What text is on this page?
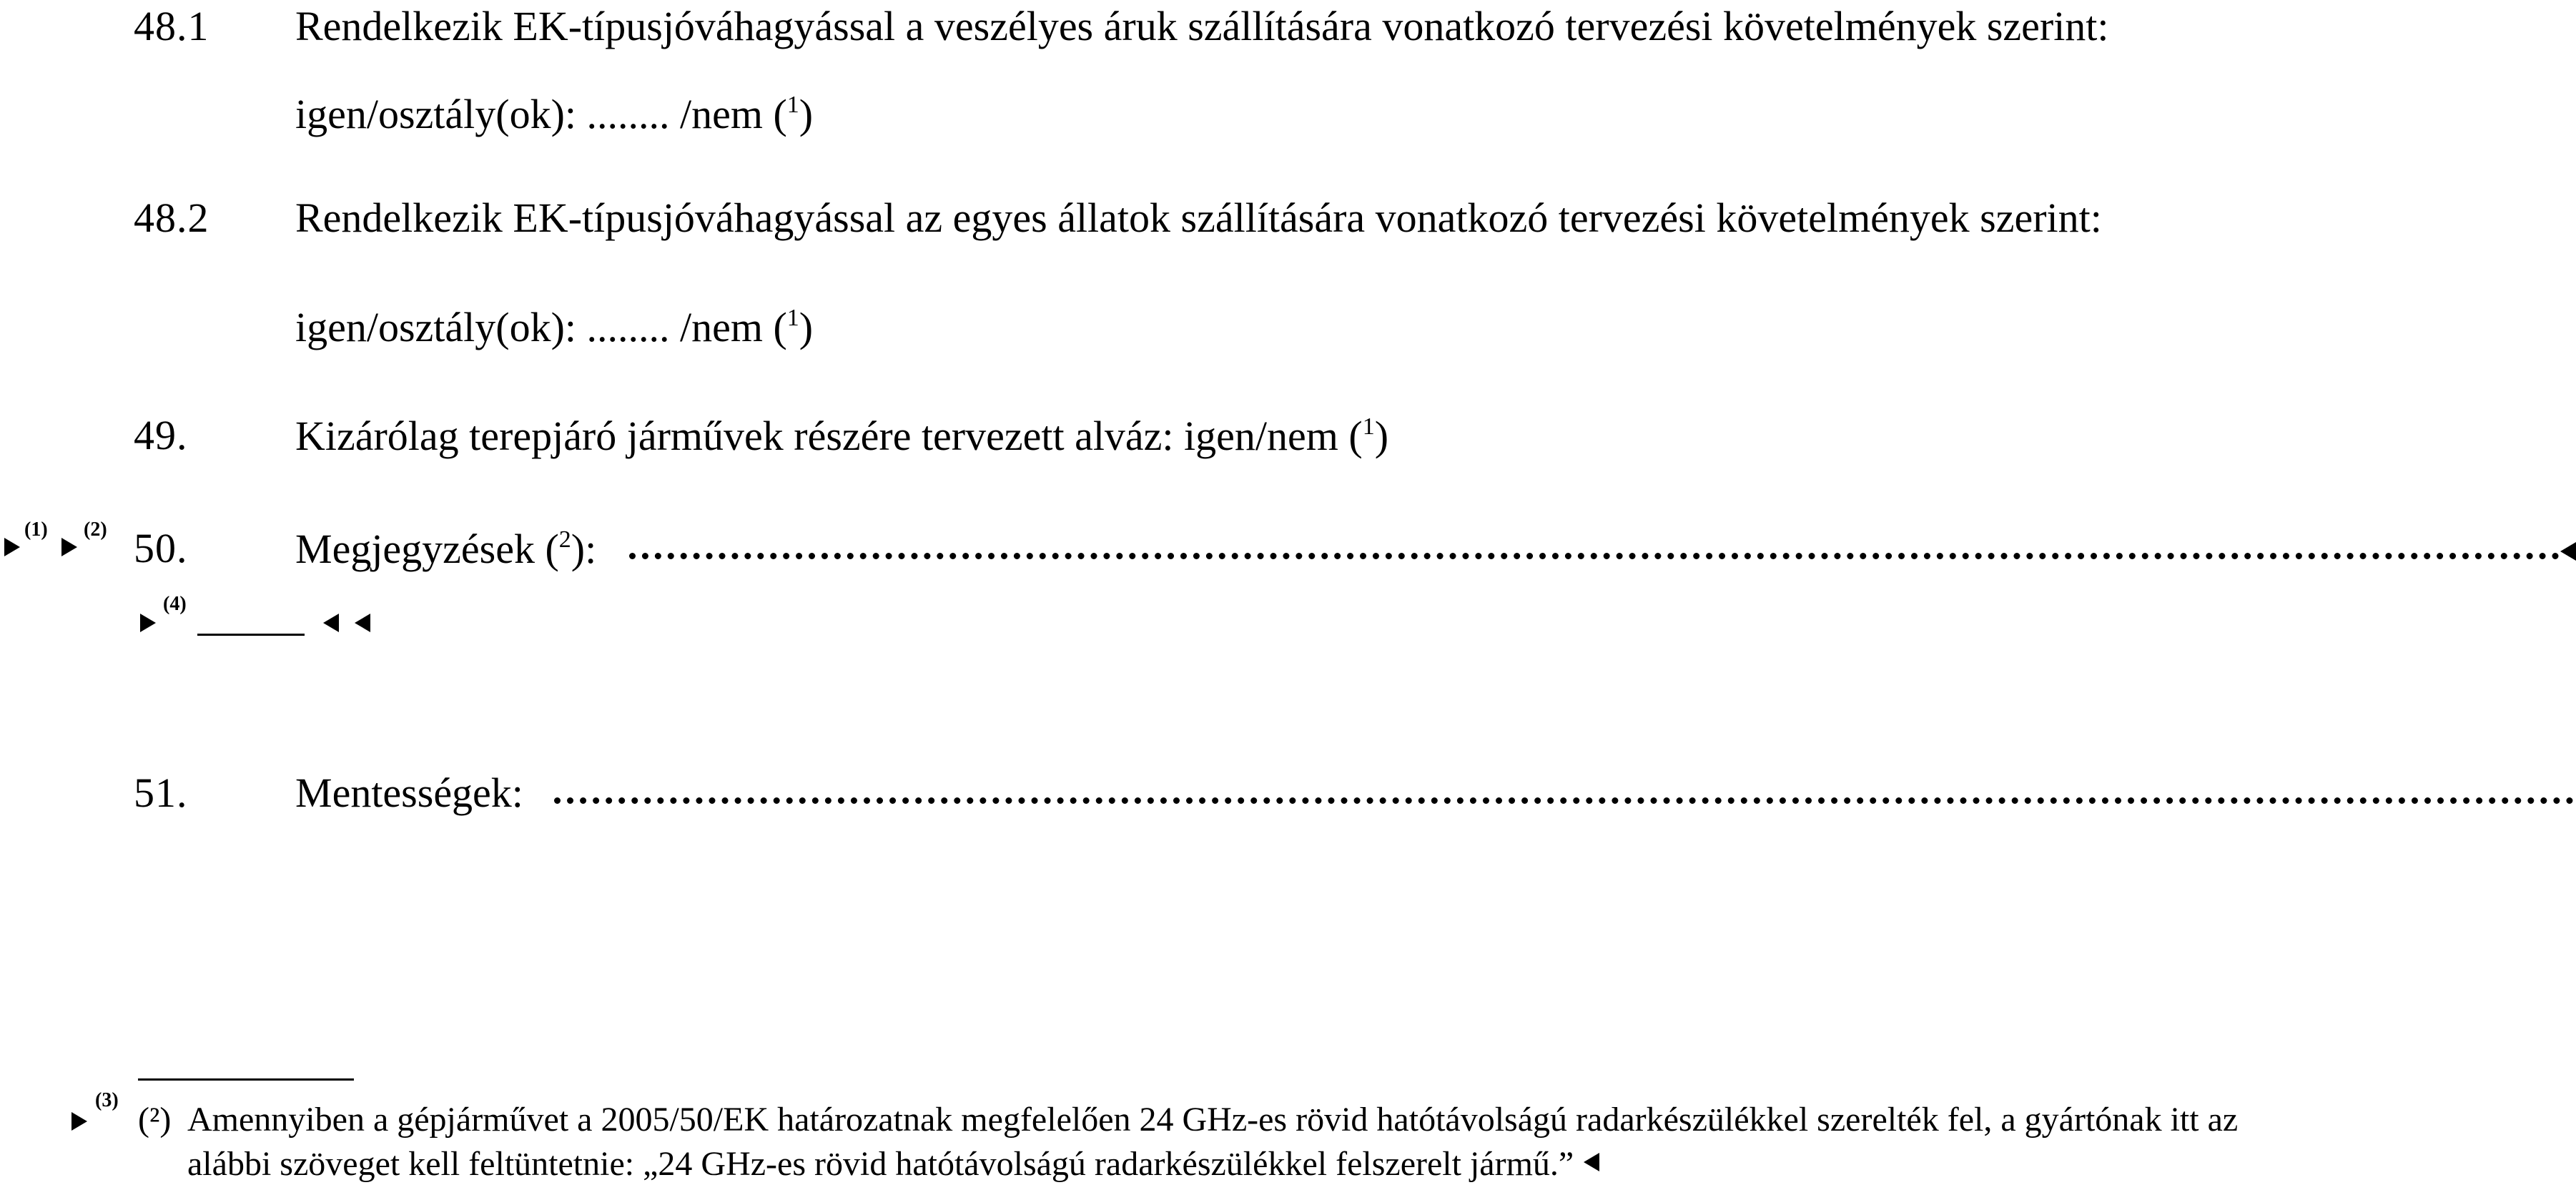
48.1 Rendelkezik EK-típusjóváhagyással a veszélyes áruk szállítására vonatkozó tervezési követelmények szerint:
igen/osztály(ok): ........ /nem ($^1$)
48.2 Rendelkezik EK-típusjóváhagyással az egyes állatok szállítására vonatkozó tervezési követelmények szerint:
igen/osztály(ok): ........ /nem ($^1$)
49.	Kizárólag terepjáró járművek részére tervezett alváz: igen/nem ($^1$)
(1) (2) 50.	Megjegyzések ($^2$):
(4)
51.	Mentességek:
(3)
(²) Amennyiben a gépjárművet a 2005/50/EK határozatnak megfelelően 24 GHz-es rövid hatótávolságú radarkészülékkel szerelték fel, a gyártónak itt az
alábbi szöveget kell feltüntetnie: „24 GHz-es rövid hatótávolságú radarkészülékkel felszerelt jármű.”
